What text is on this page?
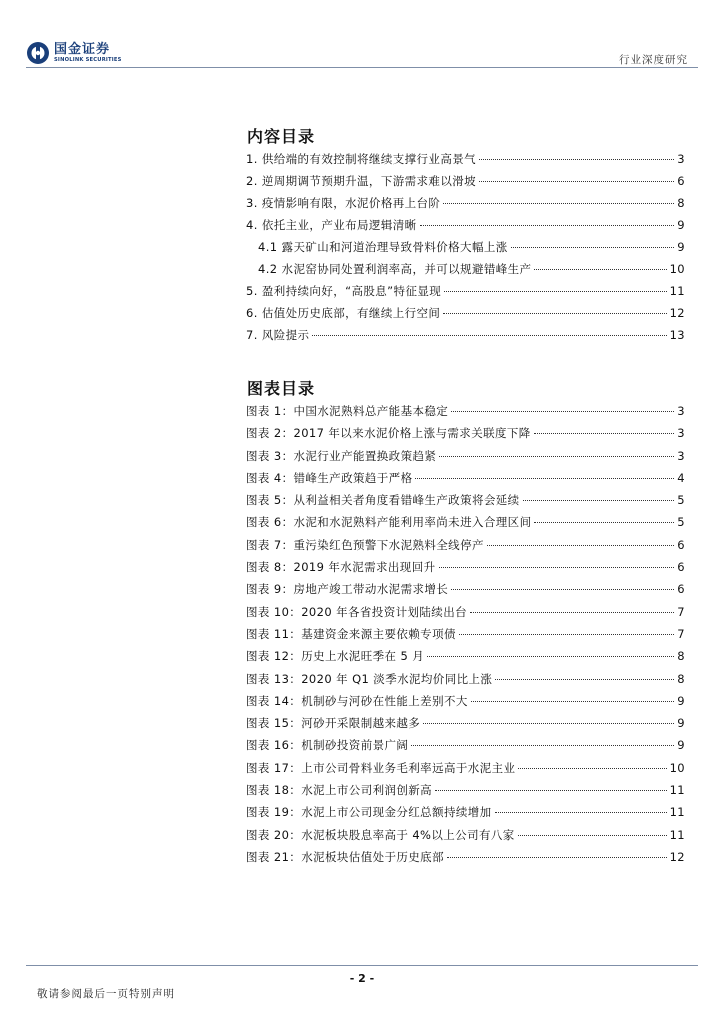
国金证券
SINOLINK SECURITIES	行业深度研究
内容目录
1. 供给端的有效控制将继续支撑行业高景气	3
2. 逆周期调节预期升温，下游需求难以滑坡	6
3. 疫情影响有限，水泥价格再上台阶	8
4. 依托主业，产业布局逻辑清晰	9
4.1 露天矿山和河道治理导致骨料价格大幅上涨	9
4.2 水泥窑协同处置利润率高，并可以规避错峰生产	10
5. 盈利持续向好，“高股息”特征显现	11
6. 估值处历史底部，有继续上行空间	12
7. 风险提示	13
图表目录
图表 1：中国水泥熟料总产能基本稳定	3
图表 2：2017 年以来水泥价格上涨与需求关联度下降	3
图表 3：水泥行业产能置换政策趋紧	3
图表 4：错峰生产政策趋于严格	4
图表 5：从利益相关者角度看错峰生产政策将会延续	5
图表 6：水泥和水泥熟料产能利用率尚未进入合理区间	5
图表 7：重污染红色预警下水泥熟料全线停产	6
图表 8：2019 年水泥需求出现回升	6
图表 9：房地产竣工带动水泥需求增长	6
图表 10：2020 年各省投资计划陆续出台	7
图表 11：基建资金来源主要依赖专项债	7
图表 12：历史上水泥旺季在 5 月	8
图表 13：2020 年 Q1 淡季水泥均价同比上涨	8
图表 14：机制砂与河砂在性能上差别不大	9
图表 15：河砂开采限制越来越多	9
图表 16：机制砂投资前景广阔	9
图表 17：上市公司骨料业务毛利率远高于水泥主业	10
图表 18：水泥上市公司利润创新高	11
图表 19：水泥上市公司现金分红总额持续增加	11
图表 20：水泥板块股息率高于 4%以上公司有八家	11
图表 21：水泥板块估值处于历史底部	12
- 2 -
敬请参阅最后一页特别声明
